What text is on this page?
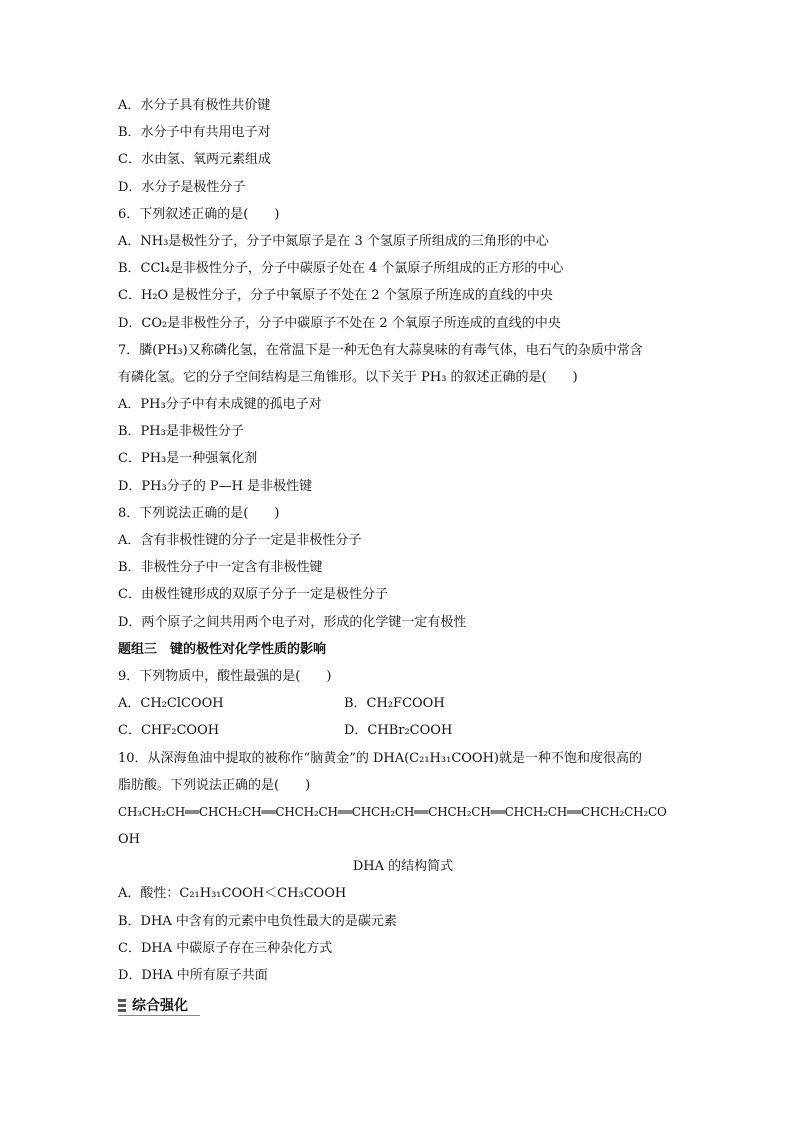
A．水分子具有极性共价键
B．水分子中有共用电子对
C．水由氢、氧两元素组成
D．水分子是极性分子
6．下列叙述正确的是(　　)
A．NH₃是极性分子，分子中氮原子是在 3 个氢原子所组成的三角形的中心
B．CCl₄是非极性分子，分子中碳原子处在 4 个氯原子所组成的正方形的中心
C．H₂O 是极性分子，分子中氧原子不处在 2 个氢原子所连成的直线的中央
D．CO₂是非极性分子，分子中碳原子不处在 2 个氧原子所连成的直线的中央
7．膦(PH₃)又称磷化氢，在常温下是一种无色有大蒜臭味的有毒气体，电石气的杂质中常含
有磷化氢。它的分子空间结构是三角锥形。以下关于 PH₃ 的叙述正确的是(　　)
A．PH₃分子中有未成键的孤电子对
B．PH₃是非极性分子
C．PH₃是一种强氧化剂
D．PH₃分子的 P—H 是非极性键
8．下列说法正确的是(　　)
A．含有非极性键的分子一定是非极性分子
B．非极性分子中一定含有非极性键
C．由极性键形成的双原子分子一定是极性分子
D．两个原子之间共用两个电子对，形成的化学键一定有极性
题组三　键的极性对化学性质的影响
9．下列物质中，酸性最强的是(　　)
A．CH₂ClCOOH	B．CH₂FCOOH
C．CHF₂COOH	D．CHBr₂COOH
10．从深海鱼油中提取的被称作“脑黄金”的 DHA(C₂₁H₃₁COOH)就是一种不饱和度很高的
脂肪酸。下列说法正确的是(　　)
CH₃CH₂CH══CHCH₂CH══CHCH₂CH══CHCH₂CH══CHCH₂CH══CHCH₂CH══CHCH₂CH₂CO
OH
DHA 的结构简式
A．酸性：C₂₁H₃₁COOH＜CH₃COOH
B．DHA 中含有的元素中电负性最大的是碳元素
C．DHA 中碳原子存在三种杂化方式
D．DHA 中所有原子共面
综合强化
